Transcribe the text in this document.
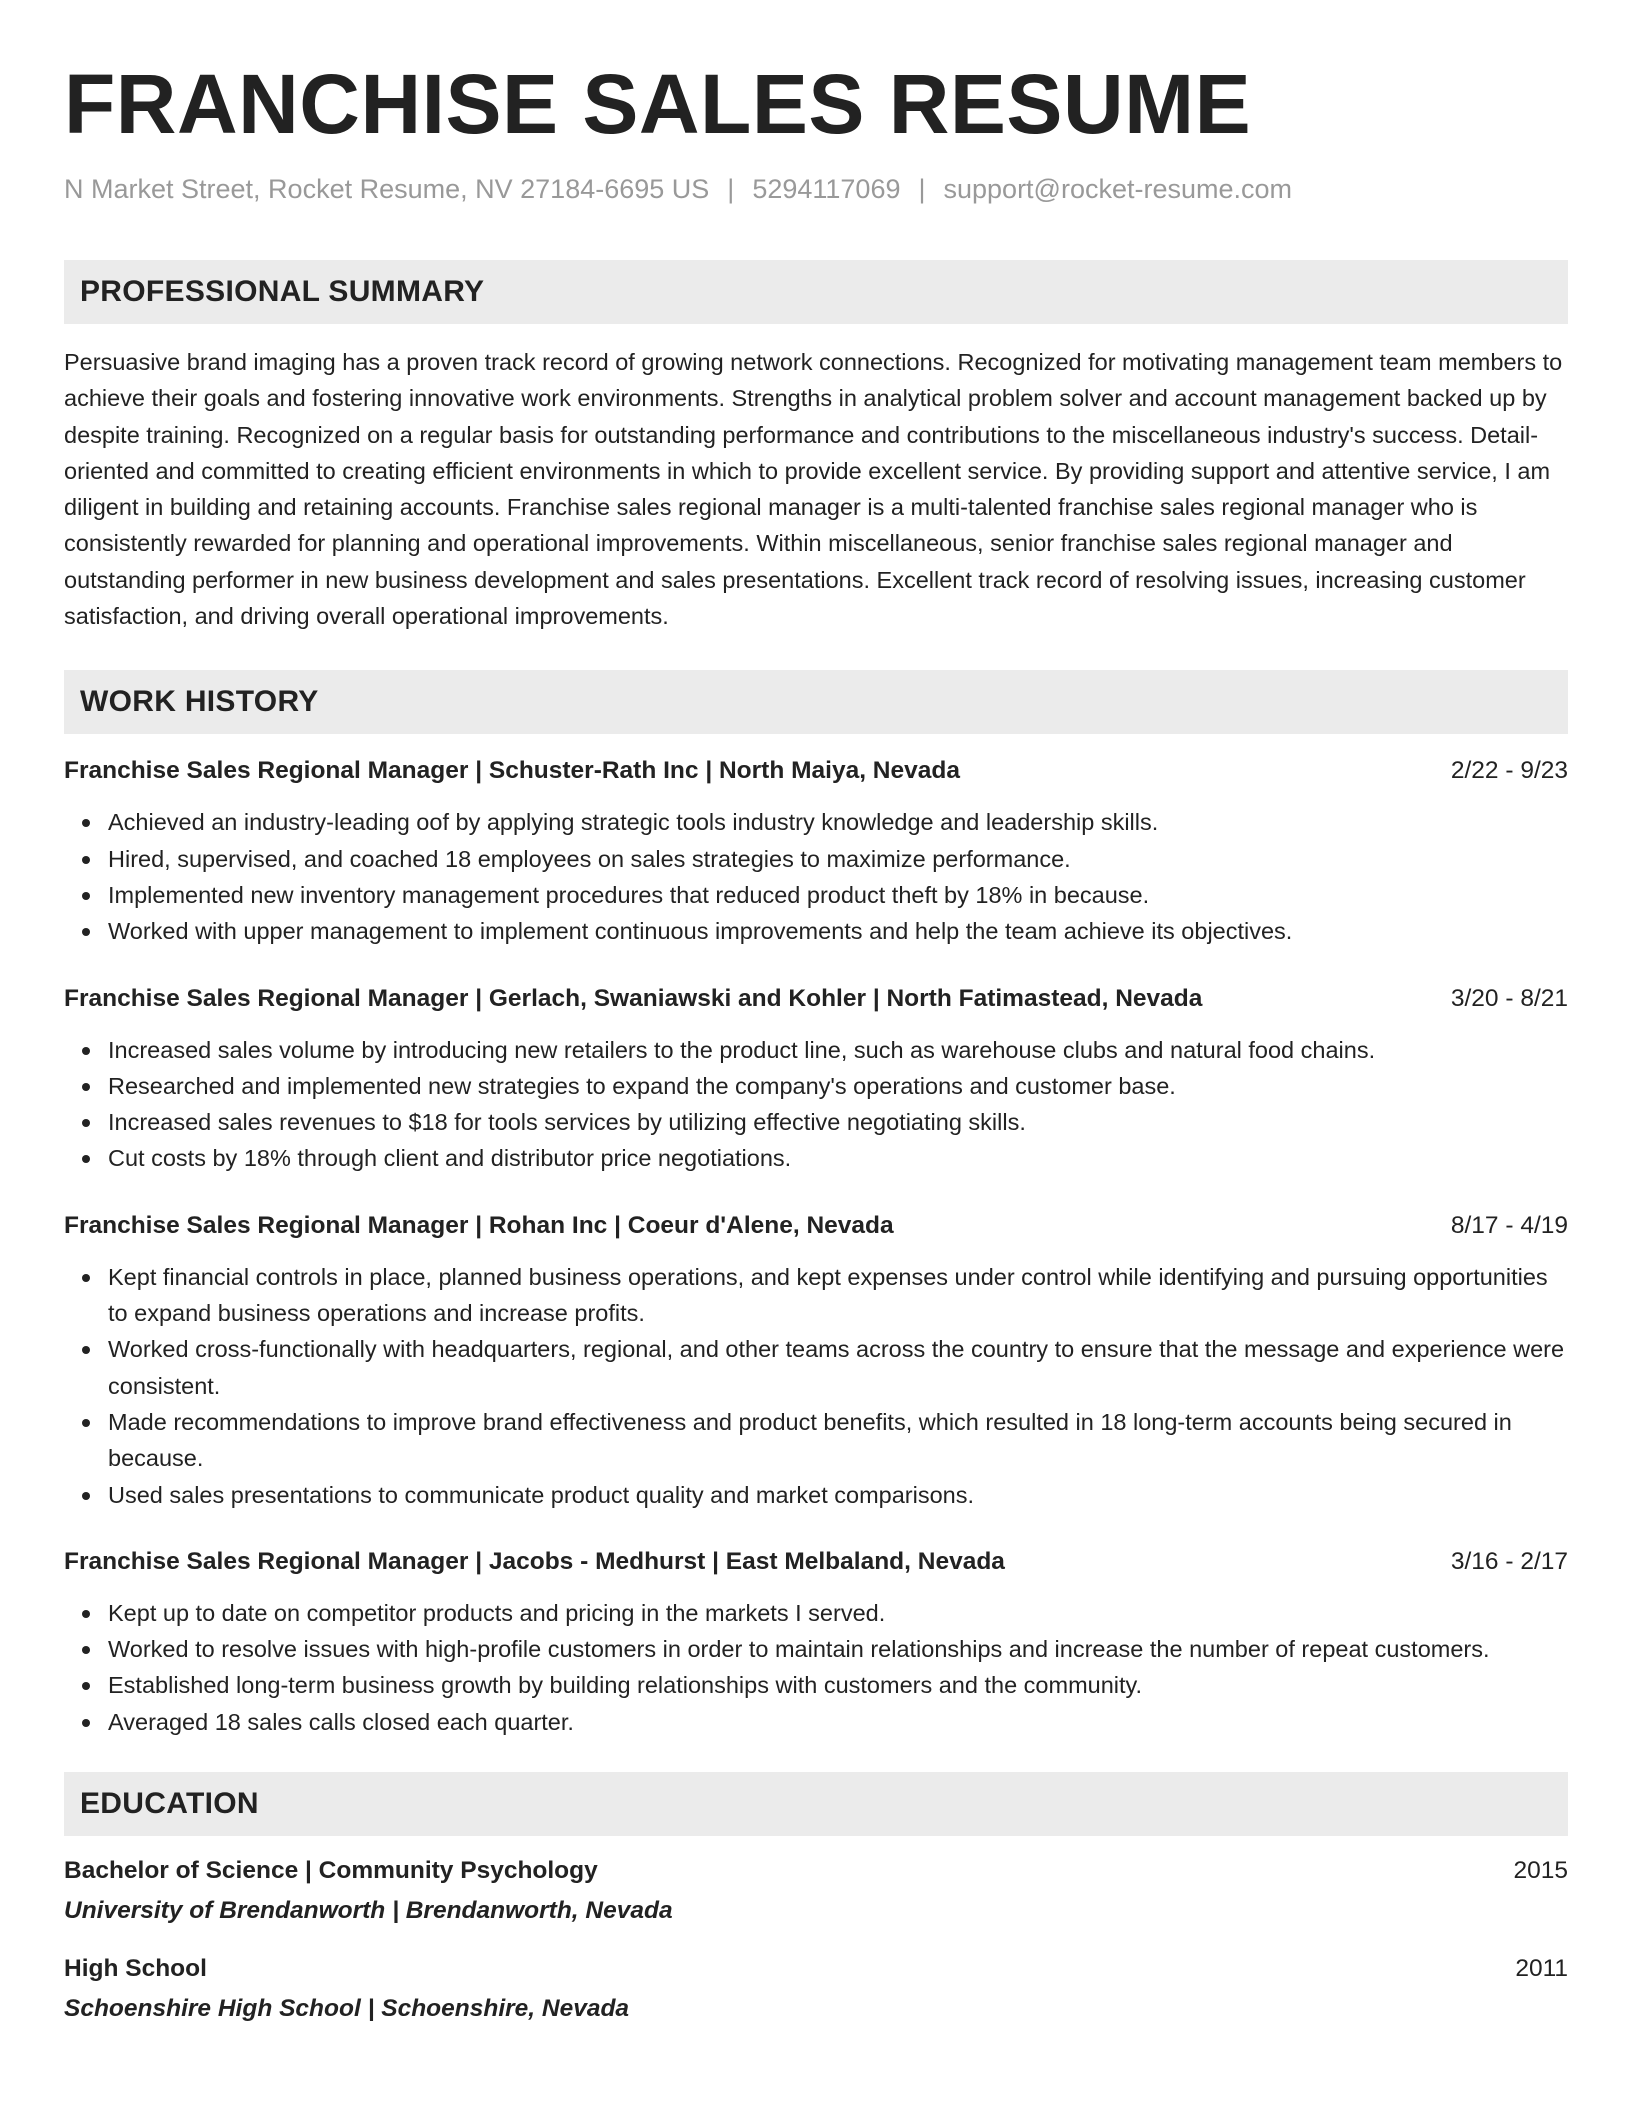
FRANCHISE SALES RESUME
N Market Street, Rocket Resume, NV 27184-6695 US | 5294117069 | support@rocket-resume.com
PROFESSIONAL SUMMARY

Persuasive brand imaging has a proven track record of growing network connections. Recognized for motivating management team members to achieve their goals and fostering innovative work environments. Strengths in analytical problem solver and account management backed up by despite training. Recognized on a regular basis for outstanding performance and contributions to the miscellaneous industry's success. Detail-oriented and committed to creating efficient environments in which to provide excellent service. By providing support and attentive service, I am diligent in building and retaining accounts. Franchise sales regional manager is a multi-talented franchise sales regional manager who is consistently rewarded for planning and operational improvements. Within miscellaneous, senior franchise sales regional manager and outstanding performer in new business development and sales presentations. Excellent track record of resolving issues, increasing customer satisfaction, and driving overall operational improvements.

WORK HISTORY
Franchise Sales Regional Manager | Schuster-Rath Inc | North Maiya, Nevada	2/22 - 9/23
Achieved an industry-leading oof by applying strategic tools industry knowledge and leadership skills.
Hired, supervised, and coached 18 employees on sales strategies to maximize performance.
Implemented new inventory management procedures that reduced product theft by 18% in because.
Worked with upper management to implement continuous improvements and help the team achieve its objectives.
Franchise Sales Regional Manager | Gerlach, Swaniawski and Kohler | North Fatimastead, Nevada	3/20 - 8/21
Increased sales volume by introducing new retailers to the product line, such as warehouse clubs and natural food chains.
Researched and implemented new strategies to expand the company's operations and customer base.
Increased sales revenues to $18 for tools services by utilizing effective negotiating skills.
Cut costs by 18% through client and distributor price negotiations.
Franchise Sales Regional Manager | Rohan Inc | Coeur d'Alene, Nevada	8/17 - 4/19
Kept financial controls in place, planned business operations, and kept expenses under control while identifying and pursuing opportunities to expand business operations and increase profits.
Worked cross-functionally with headquarters, regional, and other teams across the country to ensure that the message and experience were consistent.
Made recommendations to improve brand effectiveness and product benefits, which resulted in 18 long-term accounts being secured in because.
Used sales presentations to communicate product quality and market comparisons.
Franchise Sales Regional Manager | Jacobs - Medhurst | East Melbaland, Nevada	3/16 - 2/17
Kept up to date on competitor products and pricing in the markets I served.
Worked to resolve issues with high-profile customers in order to maintain relationships and increase the number of repeat customers.
Established long-term business growth by building relationships with customers and the community.
Averaged 18 sales calls closed each quarter.
EDUCATION
Bachelor of Science | Community Psychology	2015
University of Brendanworth | Brendanworth, Nevada
High School	2011
Schoenshire High School | Schoenshire, Nevada
